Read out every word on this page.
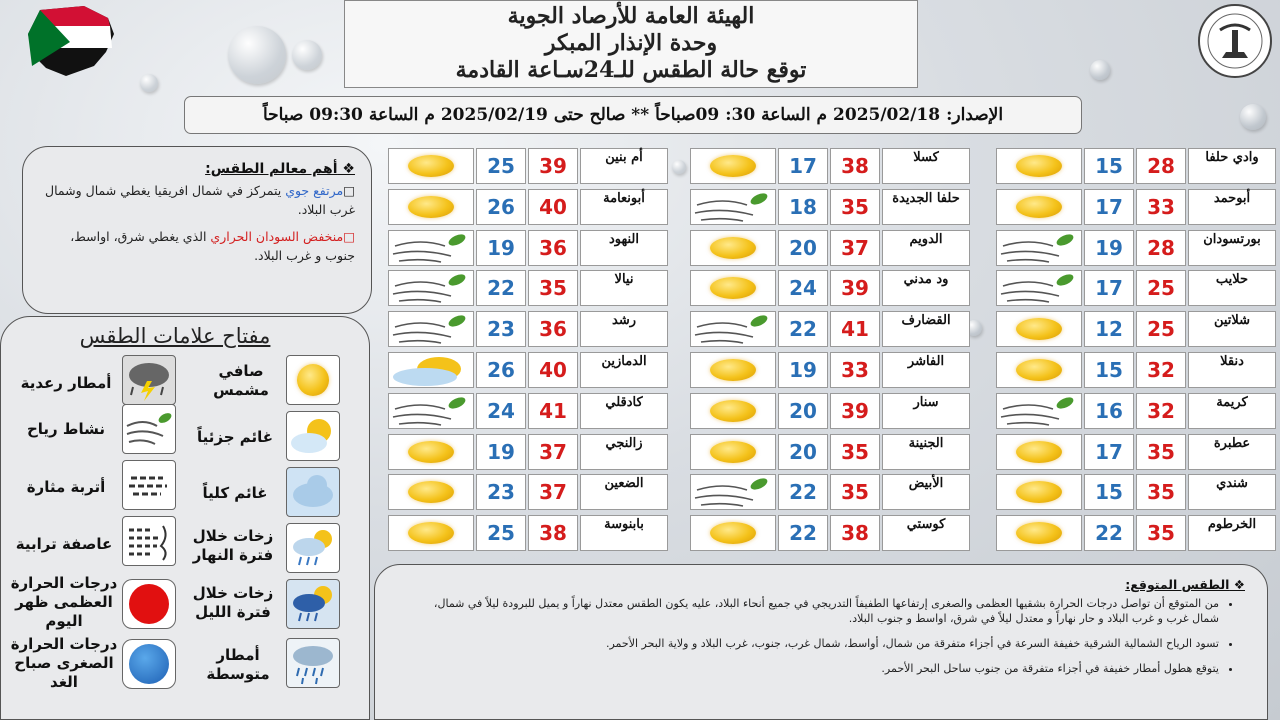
الهيئة العامة للأرصاد الجوية
وحدة الإنذار المبكر
توقع حالة الطقس للـ24سـاعة القادمة
الإصدار:
2025/02/18
م الساعة 30:
09صباحاً
** صالح حتى
2025/02/19
م الساعة
09:30 صباحاً
❖ أهم معالم الطقس:

□مرتفع جوي يتمركز في شمال افريقيا يغطي شمال وشمال غرب البلاد.

□منخفض السودان الحراري الذي يغطي شرق، اواسط، جنوب و غرب البلاد.

مفتاح علامات الطقس
صافي مشمس
أمطار رعدية
غائم جزئياً
نشاط رياح
غائم كلياً
أتربة مثارة
زخات خلال فترة النهار
عاصفة ترابية
زخات خلال فترة الليل
درجات الحرارة العظمى ظهر اليوم
أمطار متوسطة
درجات الحرارة الصغرى صباح الغد
15	28	وادي حلفا
17	33	أبوحمد
19	28	بورتسودان
17	25	حلايب
12	25	شلاتين
15	32	دنقلا
16	32	كريمة
17	35	عطبرة
15	35	شندي
22	35	الخرطوم
17	38	كسلا
18	35	حلفا الجديدة
20	37	الدويم
24	39	ود مدني
22	41	القضارف
19	33	الفاشر
20	39	سنار
20	35	الجنينة
22	35	الأبيض
22	38	كوستي
25	39	أم بنين
26	40	أبونعامة
19	36	النهود
22	35	نيالا
23	36	رشد
26	40	الدمازين
24	41	كادقلي
19	37	زالنجي
23	37	الضعين
25	38	بابنوسة
❖ الطقس المتوقع:
• من المتوقع أن تواصل درجات الحرارة بشقيها العظمى والصغرى إرتفاعها الطفيفاً التدريجي في جميع أنحاء البلاد، عليه يكون الطقس معتدل نهاراً و يميل للبرودة ليلاً في شمال، شمال غرب و غرب البلاد و حار نهاراً و معتدل ليلاً في شرق، اواسط و جنوب البلاد.
• تسود الرياح الشمالية الشرقية خفيفة السرعة في أجزاء متفرقة من شمال، أواسط، شمال غرب، جنوب، غرب البلاد و ولاية البحر الأحمر.
• يتوقع هطول أمطار خفيفة في أجزاء متفرقة من جنوب ساحل البحر الأحمر.
